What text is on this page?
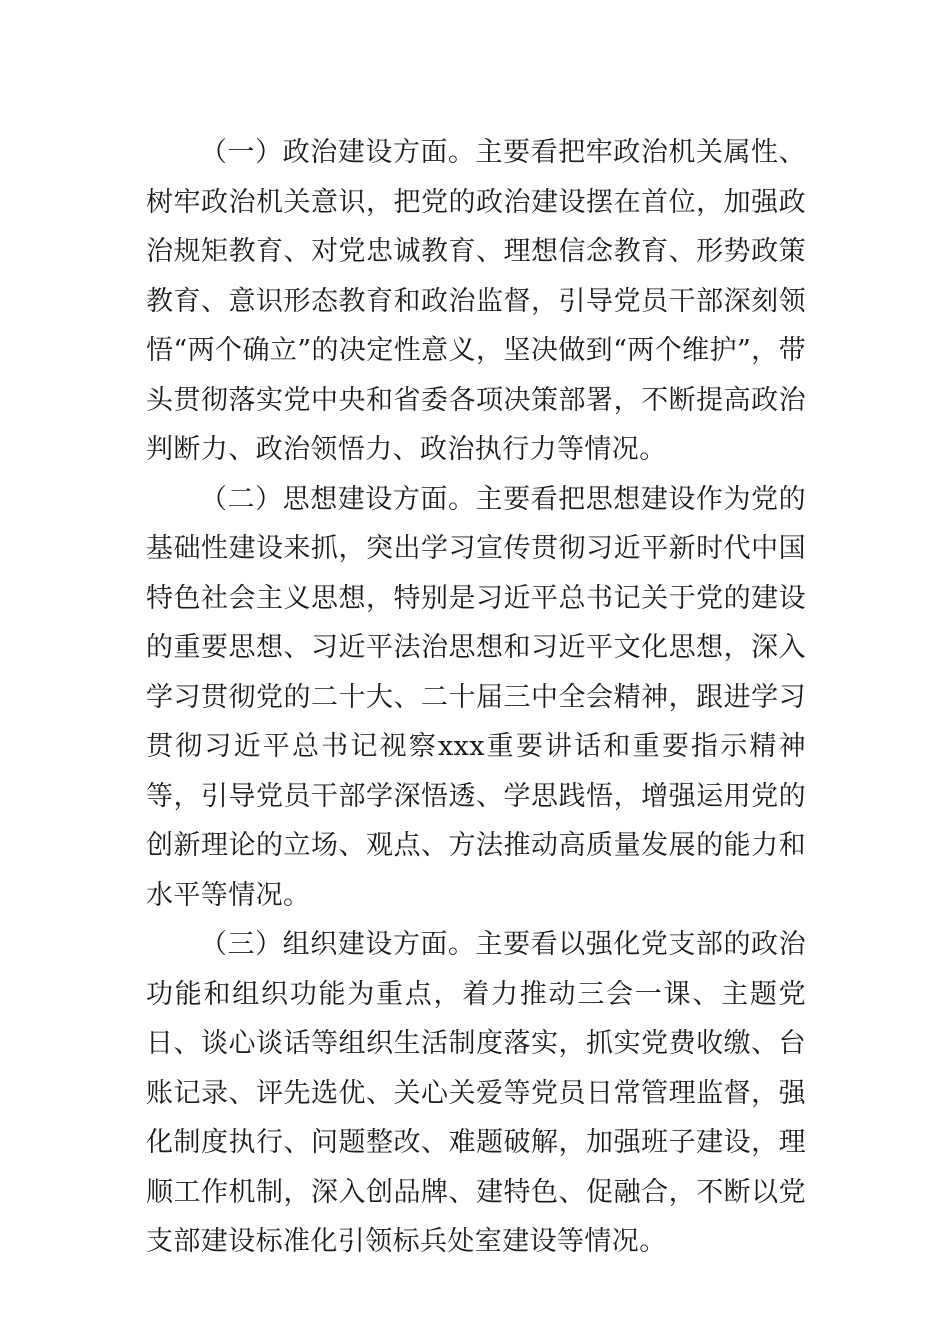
（一）政治建设方面。主要看把牢政治机关属性、树牢政治机关意识，把党的政治建设摆在首位，加强政治规矩教育、对党忠诚教育、理想信念教育、形势政策教育、意识形态教育和政治监督，引导党员干部深刻领悟“两个确立”的决定性意义，坚决做到“两个维护”，带头贯彻落实党中央和省委各项决策部署，不断提高政治判断力、政治领悟力、政治执行力等情况。

（二）思想建设方面。主要看把思想建设作为党的基础性建设来抓，突出学习宣传贯彻习近平新时代中国特色社会主义思想，特别是习近平总书记关于党的建设的重要思想、习近平法治思想和习近平文化思想，深入学习贯彻党的二十大、二十届三中全会精神，跟进学习贯彻习近平总书记视察xxx重要讲话和重要指示精神等，引导党员干部学深悟透、学思践悟，增强运用党的创新理论的立场、观点、方法推动高质量发展的能力和水平等情况。

（三）组织建设方面。主要看以强化党支部的政治功能和组织功能为重点，着力推动三会一课、主题党日、谈心谈话等组织生活制度落实，抓实党费收缴、台账记录、评先选优、关心关爱等党员日常管理监督，强化制度执行、问题整改、难题破解，加强班子建设，理顺工作机制，深入创品牌、建特色、促融合，不断以党支部建设标准化引领标兵处室建设等情况。
